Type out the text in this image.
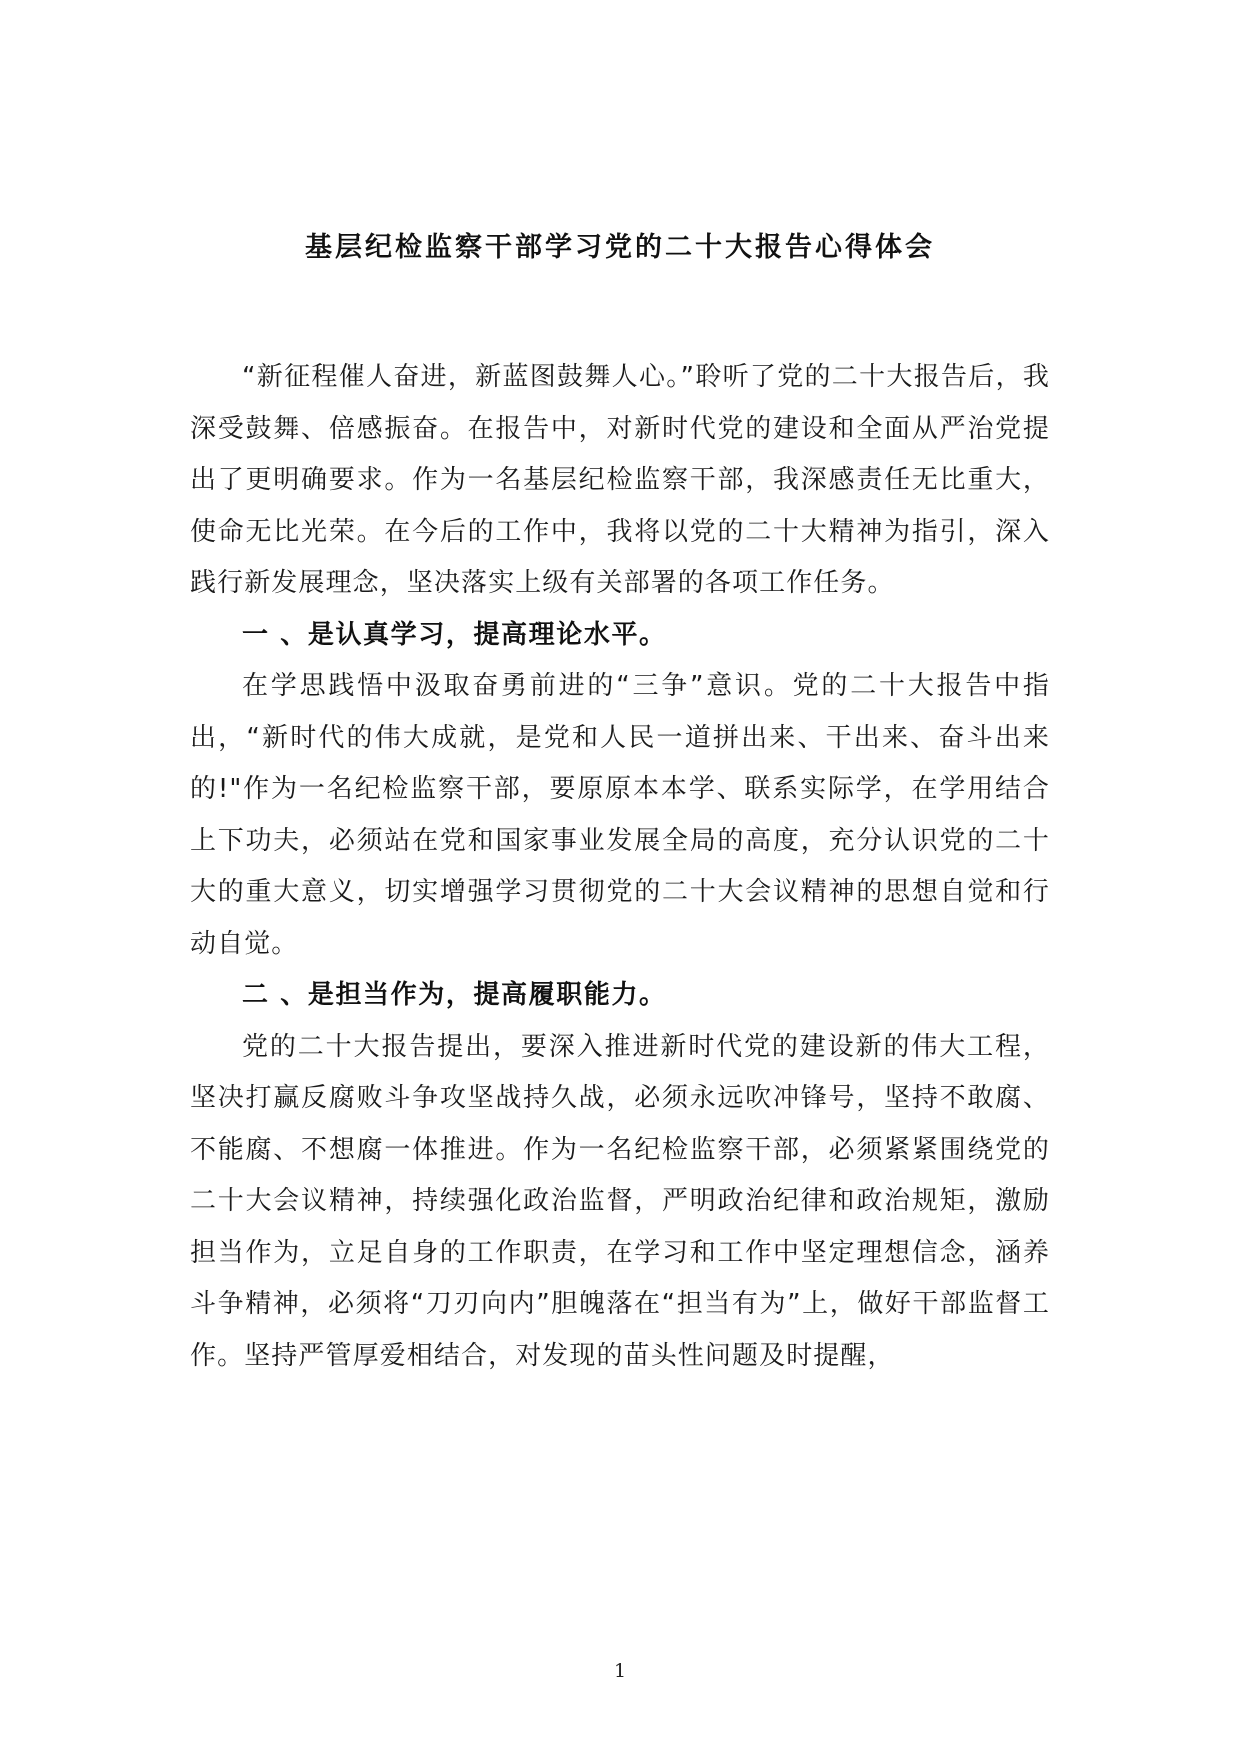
基层纪检监察干部学习党的二十大报告心得体会

“新征程催人奋进，新蓝图鼓舞人心。”聆听了党的二十大报告后，我深受鼓舞、倍感振奋。在报告中，对新时代党的建设和全面从严治党提出了更明确要求。作为一名基层纪检监察干部，我深感责任无比重大，使命无比光荣。在今后的工作中，我将以党的二十大精神为指引，深入践行新发展理念，坚决落实上级有关部署的各项工作任务。

一 、是认真学习，提高理论水平。

在学思践悟中汲取奋勇前进的“三争”意识。党的二十大报告中指出，“新时代的伟大成就，是党和人民一道拼出来、干出来、奋斗出来的!"作为一名纪检监察干部，要原原本本学、联系实际学，在学用结合上下功夫，必须站在党和国家事业发展全局的高度，充分认识党的二十大的重大意义，切实增强学习贯彻党的二十大会议精神的思想自觉和行动自觉。

二 、是担当作为，提高履职能力。

党的二十大报告提出，要深入推进新时代党的建设新的伟大工程，坚决打赢反腐败斗争攻坚战持久战，必须永远吹冲锋号，坚持不敢腐、不能腐、不想腐一体推进。作为一名纪检监察干部，必须紧紧围绕党的二十大会议精神，持续强化政治监督，严明政治纪律和政治规矩，激励担当作为，立足自身的工作职责，在学习和工作中坚定理想信念，涵养斗争精神，必须将“刀刃向内”胆魄落在“担当有为”上，做好干部监督工作。坚持严管厚爱相结合，对发现的苗头性问题及时提醒，

1
